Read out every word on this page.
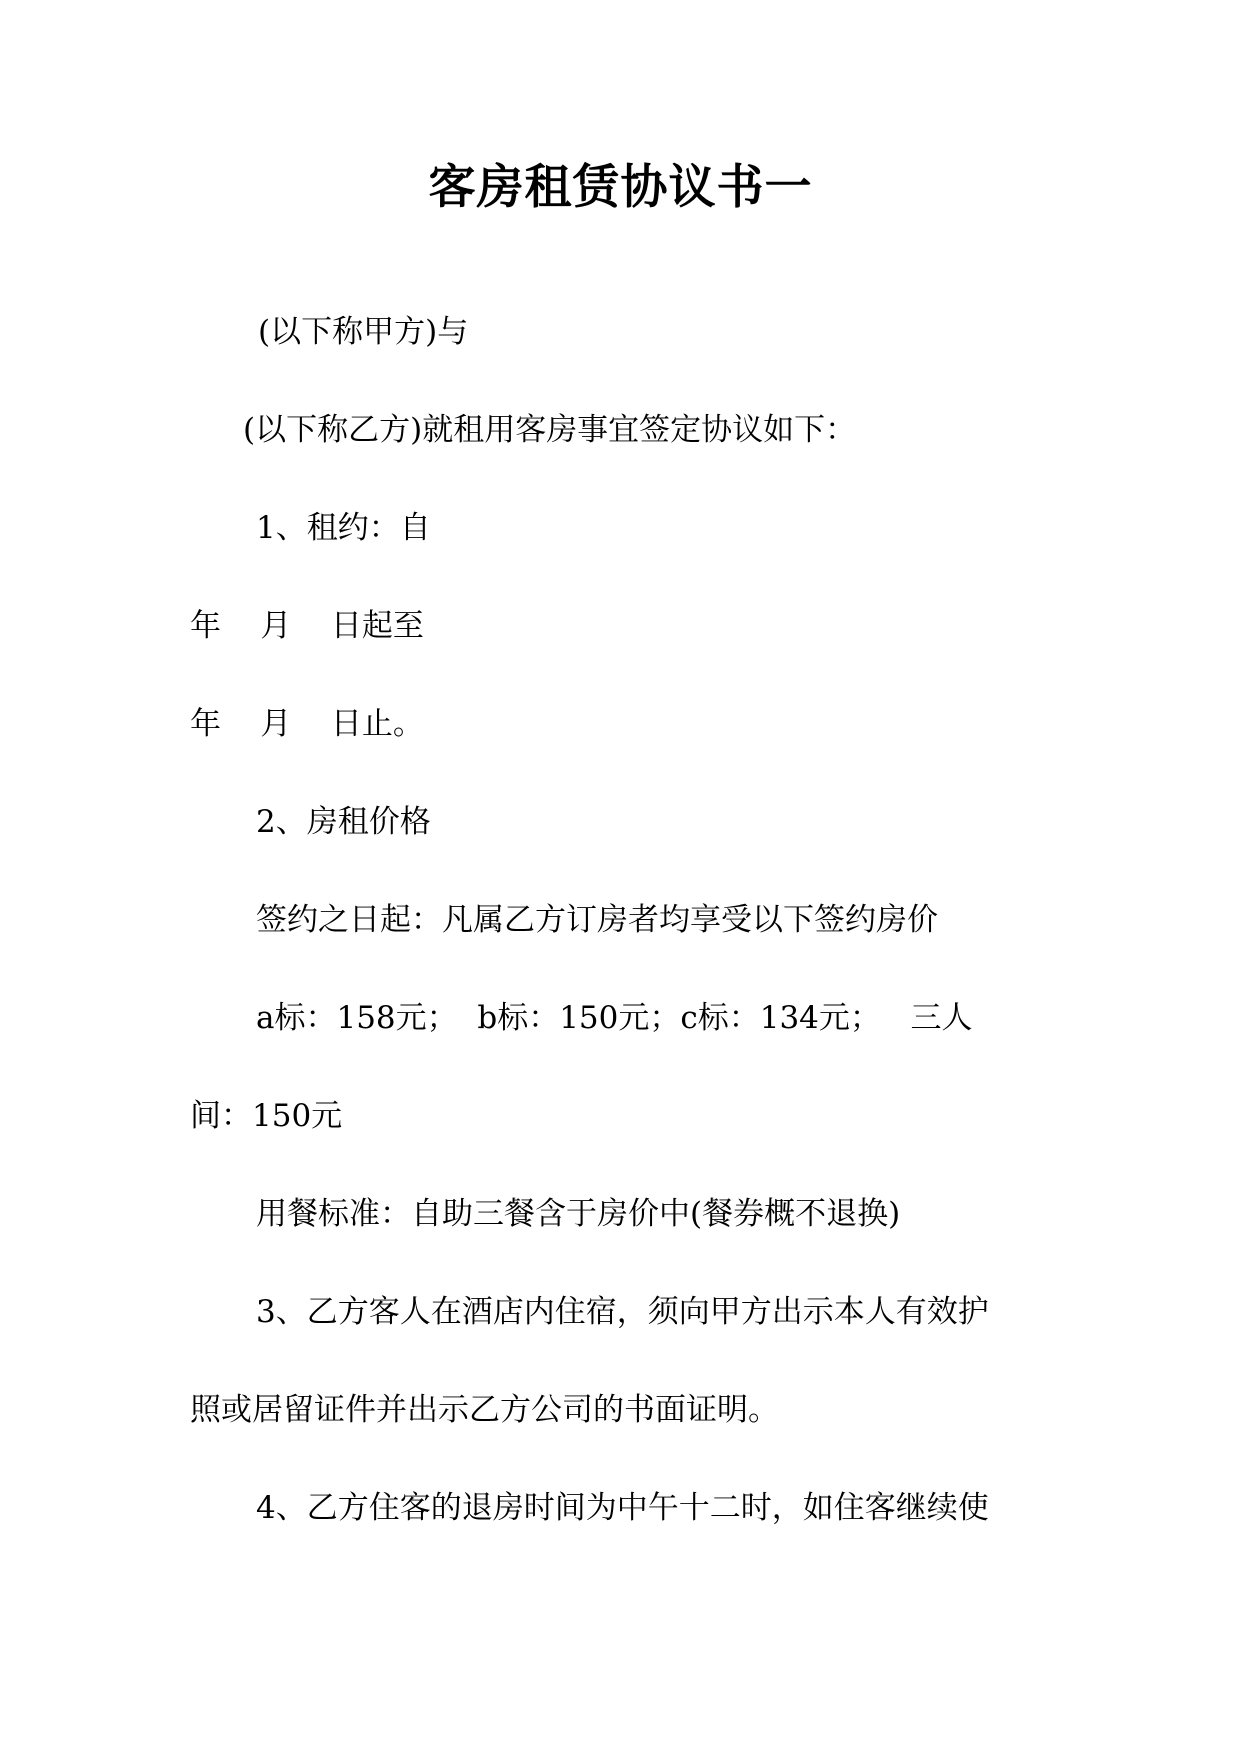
客房租赁协议书一
(以下称甲方)与
(以下称乙方)就租用客房事宜签定协议如下：
1、租约：自
年    月    日起至
年    月    日止。
2、房租价格
签约之日起：凡属乙方订房者均享受以下签约房价
a标：158元；  b标：150元；c标：134元；   三人
间：150元
用餐标准：自助三餐含于房价中(餐券概不退换)
3、乙方客人在酒店内住宿，须向甲方出示本人有效护
照或居留证件并出示乙方公司的书面证明。
4、乙方住客的退房时间为中午十二时，如住客继续使
